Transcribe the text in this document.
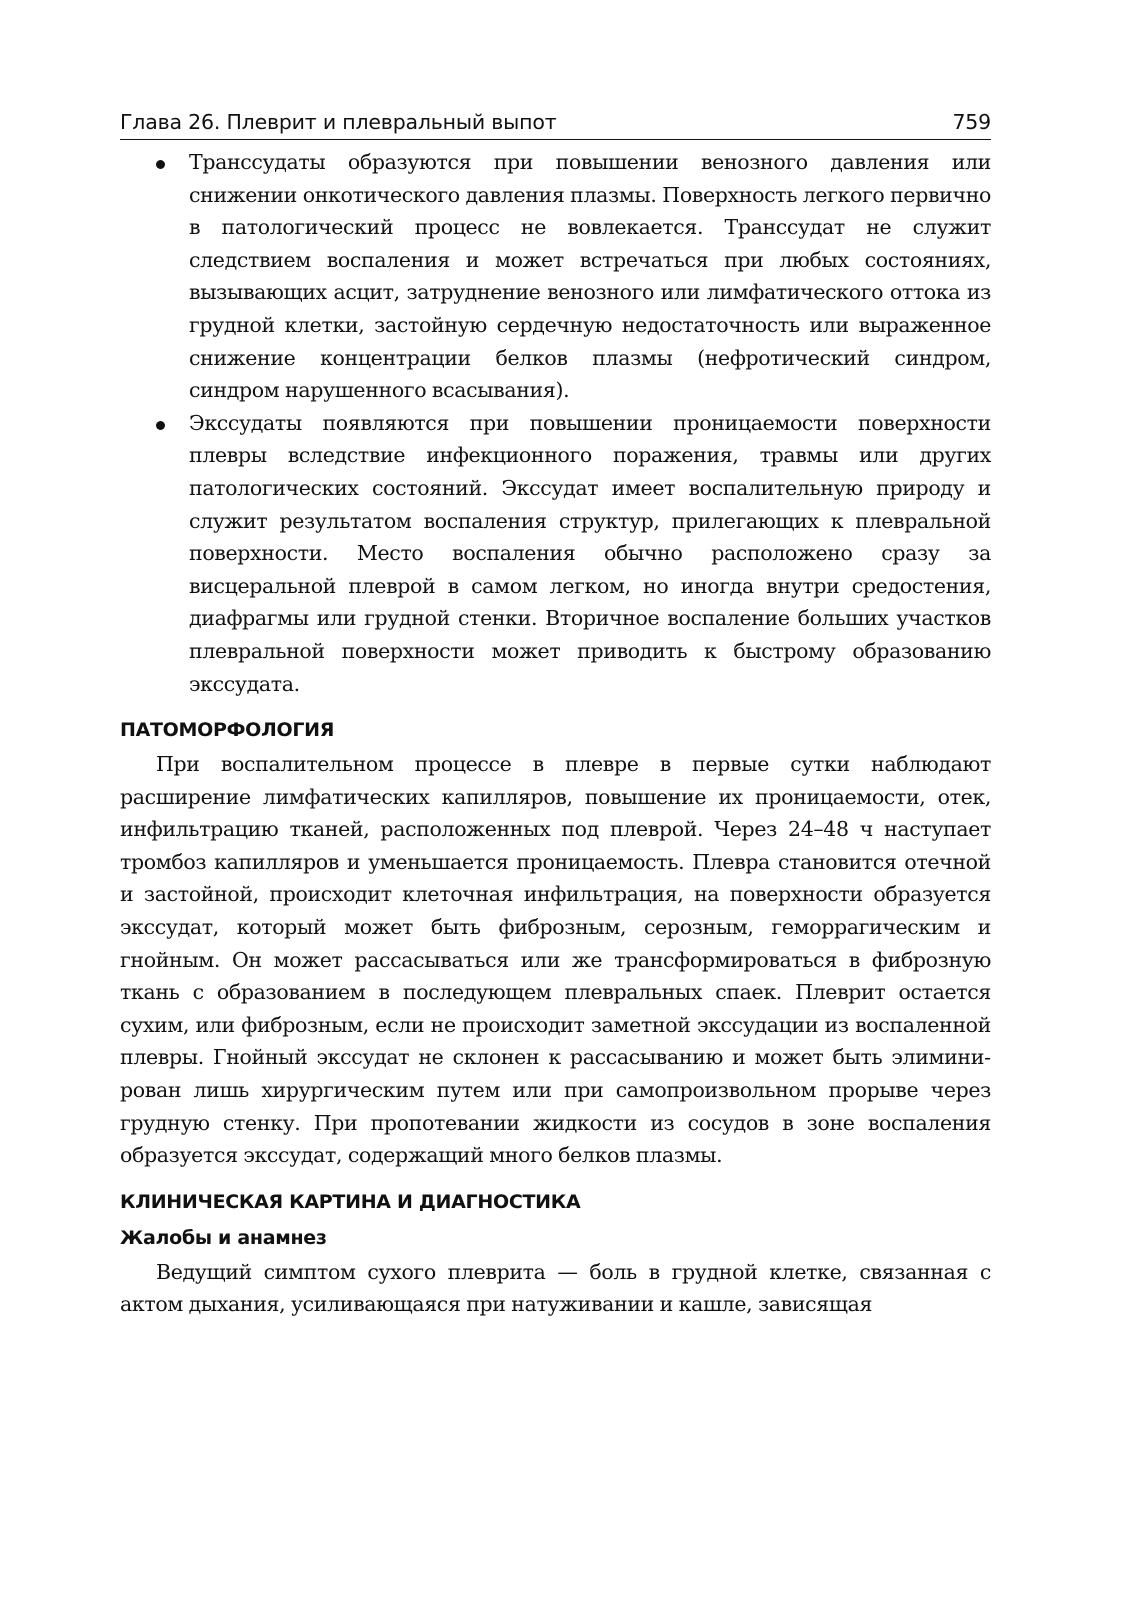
Глава 26. Плеврит и плевральный выпот	759
Транссудаты образуются при повышении венозного давления или снижении онкотического давления плазмы. Поверхность легкого первично в патологический процесс не вовлекается. Транссудат не служит следствием воспаления и может встречаться при любых состояниях, вызывающих асцит, затруднение венозного или лимфатического оттока из грудной клетки, застойную сердечную недостаточность или выраженное снижение концентрации белков плазмы (нефротический синдром, синдром нарушенного всасывания).
Экссудаты появляются при повышении проницаемости поверхности плевры вследствие инфекционного поражения, травмы или других патологических состояний. Экссудат имеет воспалительную природу и служит результатом воспаления структур, прилегающих к плевральной поверхности. Место воспаления обычно расположено сразу за висцеральной плеврой в самом легком, но иногда внутри средостения, диафрагмы или грудной стенки. Вторичное воспаление больших участков плевральной поверхности может приводить к быстрому образованию экссудата.
ПАТОМОРФОЛОГИЯ

При воспалительном процессе в плевре в первые сутки наблюдают расширение лимфатических капилляров, повышение их проницаемости, отек, инфильтрацию тканей, расположенных под плеврой. Через 24–48 ч наступает тромбоз капилляров и уменьшается проницаемость. Плевра становится отечной и застойной, происходит клеточная инфильтрация, на поверхности образуется экссудат, который может быть фиброзным, серозным, геморрагическим и гнойным. Он может рассасываться или же трансформироваться в фиброзную ткань с образованием в последующем плевральных спаек. Плеврит остается сухим, или фиброзным, если не происходит заметной экссудации из воспаленной плевры. Гнойный экссудат не склонен к рассасыванию и может быть элиминирован лишь хирургическим путем или при самопроизвольном прорыве через грудную стенку. При пропотевании жидкости из сосудов в зоне воспаления образуется экссудат, содержащий много белков плазмы.

КЛИНИЧЕСКАЯ КАРТИНА И ДИАГНОСТИКА
Жалобы и анамнез

Ведущий симптом сухого плеврита — боль в грудной клетке, связанная с актом дыхания, усиливающаяся при натуживании и кашле, зависящая
